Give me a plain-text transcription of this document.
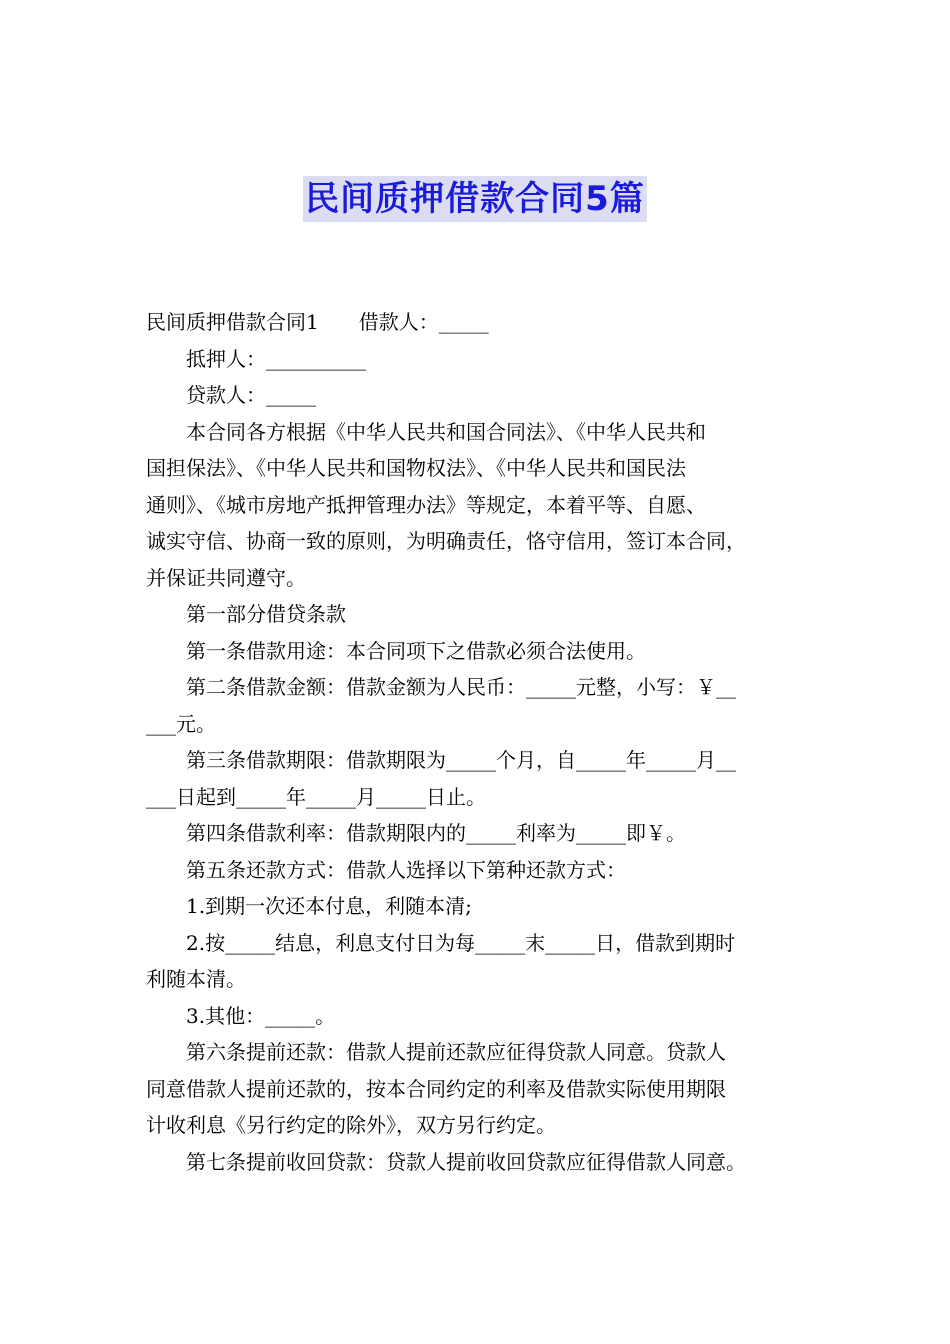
民间质押借款合同5篇
民间质押借款合同1　　借款人：_____
　　抵押人：__________
　　贷款人：_____
　　本合同各方根据《中华人民共和国合同法》、《中华人民共和
国担保法》、《中华人民共和国物权法》、《中华人民共和国民法
通则》、《城市房地产抵押管理办法》等规定，本着平等、自愿、
诚实守信、协商一致的原则，为明确责任，恪守信用，签订本合同，
并保证共同遵守。
　　第一部分借贷条款
　　第一条借款用途：本合同项下之借款必须合法使用。
　　第二条借款金额：借款金额为人民币：_____元整，小写：￥__
___元。
　　第三条借款期限：借款期限为_____个月，自_____年_____月__
___日起到_____年_____月_____日止。
　　第四条借款利率：借款期限内的_____利率为_____即￥。
　　第五条还款方式：借款人选择以下第种还款方式：
　　1.到期一次还本付息，利随本清;
　　2.按_____结息，利息支付日为每_____末_____日，借款到期时
利随本清。
　　3.其他：_____。
　　第六条提前还款：借款人提前还款应征得贷款人同意。贷款人
同意借款人提前还款的，按本合同约定的利率及借款实际使用期限
计收利息《另行约定的除外》，双方另行约定。
　　第七条提前收回贷款：贷款人提前收回贷款应征得借款人同意。
